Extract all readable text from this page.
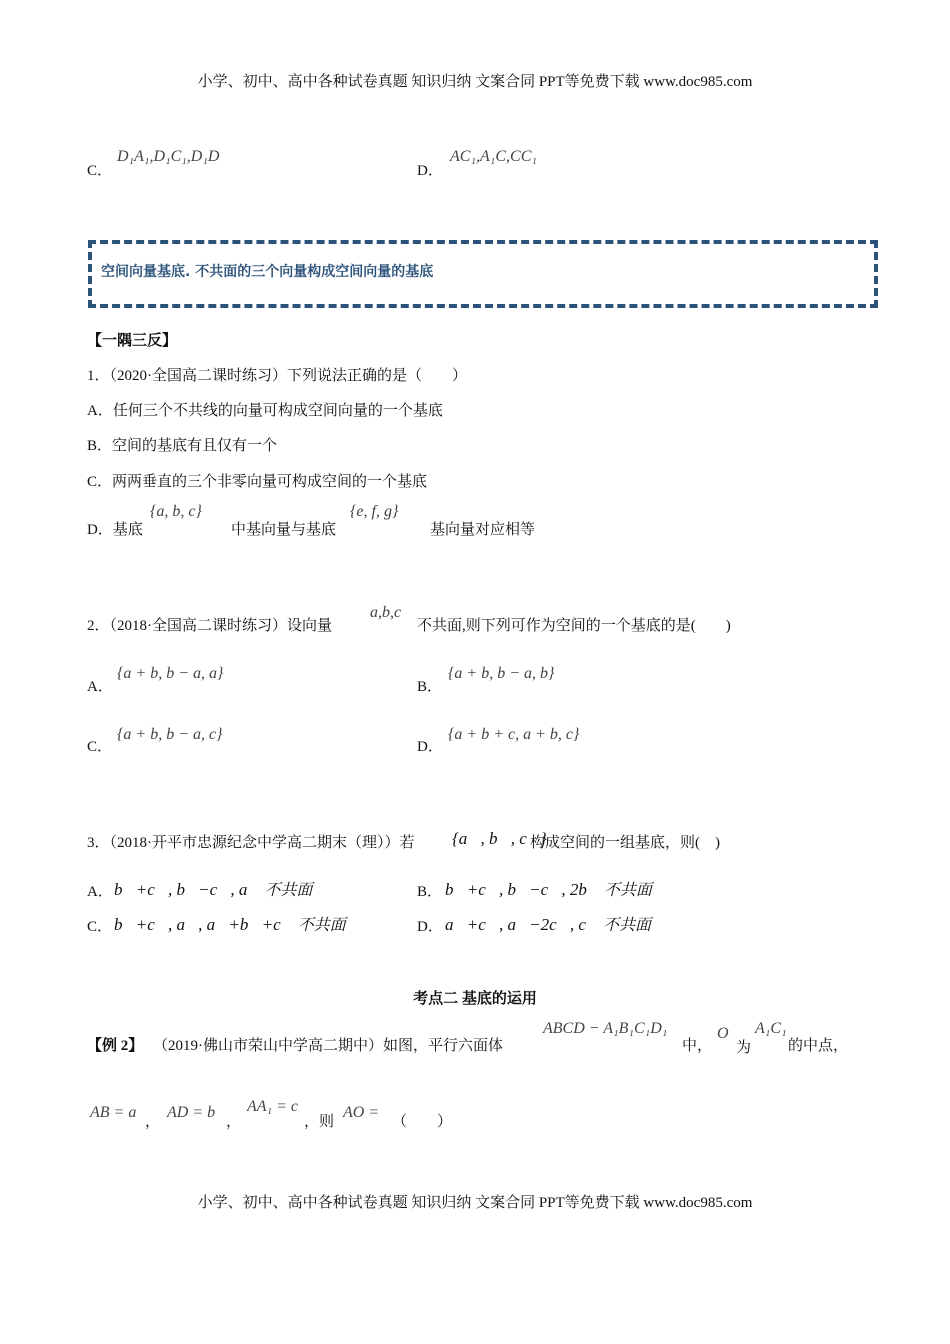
小学、初中、高中各种试卷真题 知识归纳 文案合同 PPT等免费下载 www.doc985.com
C．
D₁A₁,D₁C₁,D₁D
D．
AC₁,A₁C,CC₁
空间向量基底. 不共面的三个向量构成空间向量的基底
【一隅三反】
1．（2020·全国高二课时练习）下列说法正确的是（　　）
A．任何三个不共线的向量可构成空间向量的一个基底
B．空间的基底有且仅有一个
C．两两垂直的三个非零向量可构成空间的一个基底
D．基底
{a, b, c}
中基向量与基底
{e, f, g}
基向量对应相等
2．（2018·全国高二课时练习）设向量
a,b,c
不共面,则下列可作为空间的一个基底的是(　　)
A．
{a + b, b − a, a}
B．
{a + b, b − a, b}
C．
{a + b, b − a, c}
D．
{a + b + c, a + b, c}
3．（2018·开平市忠源纪念中学高二期末（理））若 {a⃗, b⃗, c⃗}
构成空间的一组基底，则(　)
A． b⃗+c⃗, b⃗−c⃗, a⃗ 不共面	B． b⃗+c⃗, b⃗−c⃗, 2b⃗ 不共面
C． b⃗+c⃗, a⃗, a⃗+b⃗+c⃗ 不共面	D． a⃗+c⃗, a⃗−2c⃗, c⃗ 不共面
考点二 基底的运用
【例 2】 （2019·佛山市荣山中学高二期中）如图，平行六面体
ABCD − A₁B₁C₁D₁
中，
O
为
A₁C₁
的中点，
AB = a
，
AD = b
，
AA₁ = c
，则
AO =
（　　）
小学、初中、高中各种试卷真题 知识归纳 文案合同 PPT等免费下载 www.doc985.com
